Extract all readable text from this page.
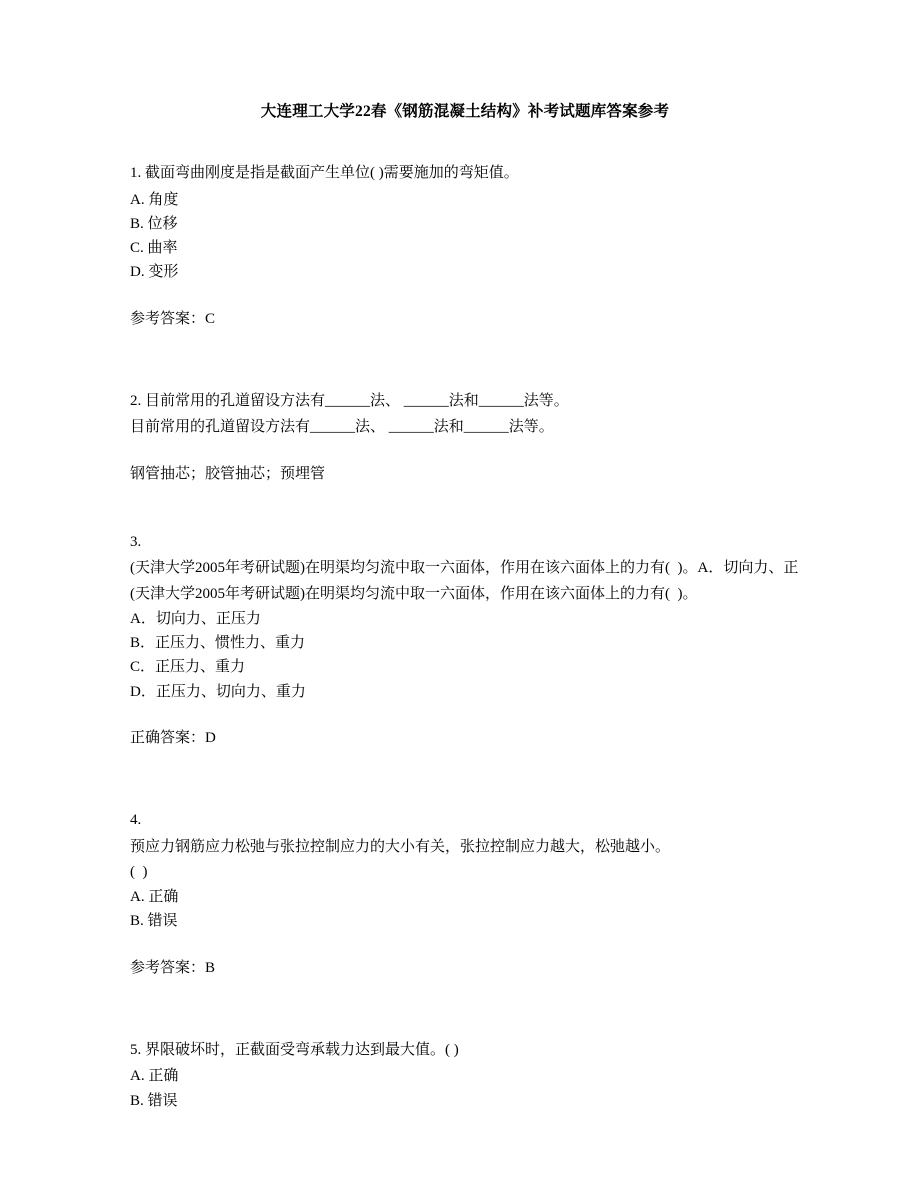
大连理工大学22春《钢筋混凝土结构》补考试题库答案参考
1. 截面弯曲刚度是指是截面产生单位( )需要施加的弯矩值。
A. 角度
B. 位移
C. 曲率
D. 变形
参考答案：C
2. 目前常用的孔道留设方法有______法、 ______法和______法等。
目前常用的孔道留设方法有______法、 ______法和______法等。
钢管抽芯；胶管抽芯；预埋管
3.
(天津大学2005年考研试题)在明渠均匀流中取一六面体，作用在该六面体上的力有(  )。A．切向力、正
(天津大学2005年考研试题)在明渠均匀流中取一六面体，作用在该六面体上的力有(  )。
A．切向力、正压力
B．正压力、惯性力、重力
C．正压力、重力
D．正压力、切向力、重力
正确答案：D
4.
预应力钢筋应力松弛与张拉控制应力的大小有关，张拉控制应力越大，松弛越小。
(  )
A. 正确
B. 错误
参考答案：B
5. 界限破坏时，正截面受弯承载力达到最大值。( )
A. 正确
B. 错误
